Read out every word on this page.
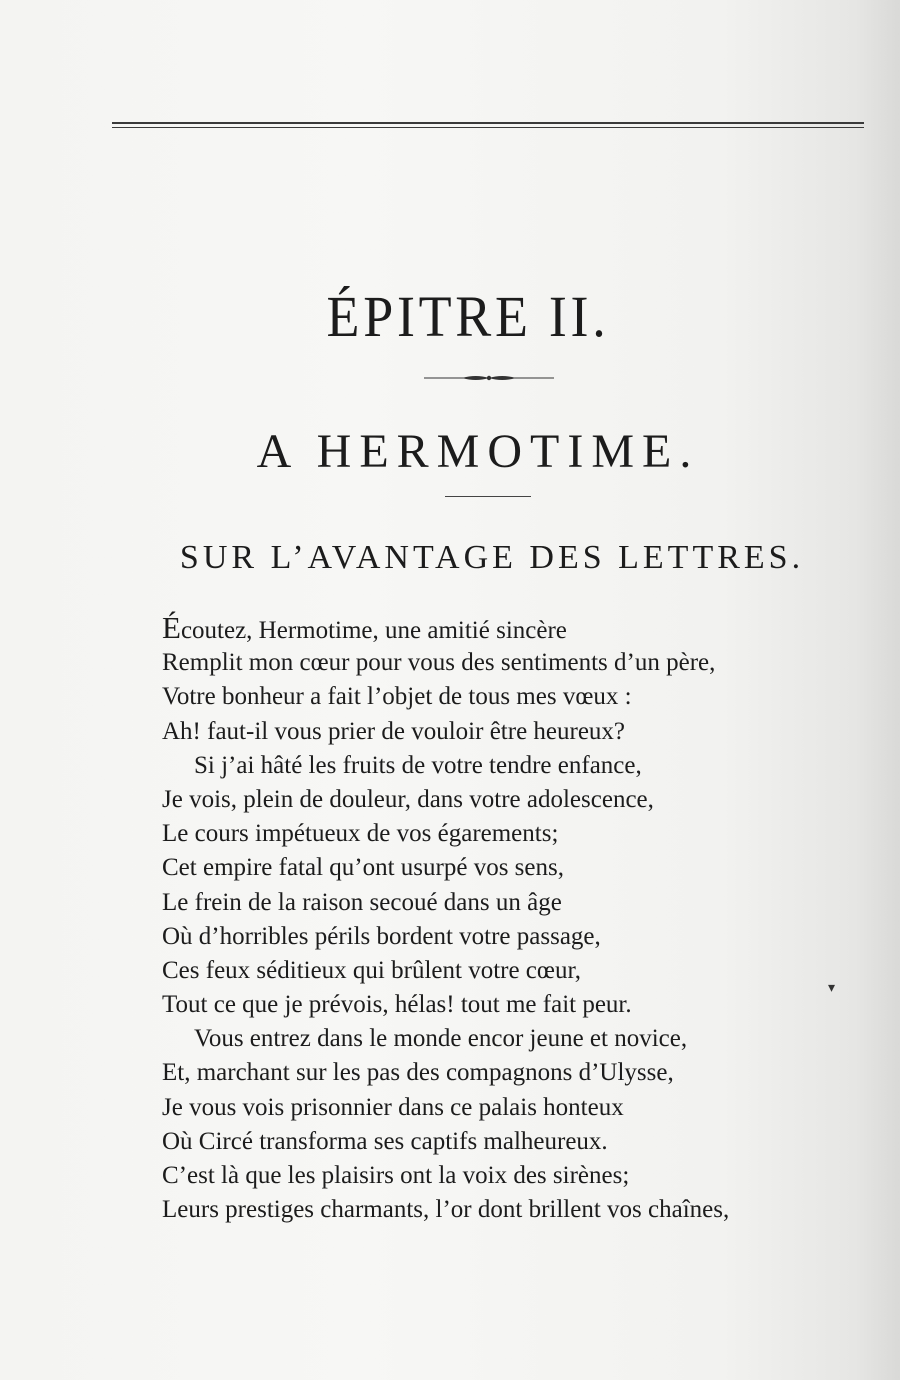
ÉPITRE II.
A HERMOTIME.
SUR L’AVANTAGE DES LETTRES.
Écoutez, Hermotime, une amitié sincère
Remplit mon cœur pour vous des sentiments d’un père,
Votre bonheur a fait l’objet de tous mes vœux :
Ah! faut-il vous prier de vouloir être heureux?
Si j’ai hâté les fruits de votre tendre enfance,
Je vois, plein de douleur, dans votre adolescence,
Le cours impétueux de vos égarements;
Cet empire fatal qu’ont usurpé vos sens,
Le frein de la raison secoué dans un âge
Où d’horribles périls bordent votre passage,
Ces feux séditieux qui brûlent votre cœur,
Tout ce que je prévois, hélas! tout me fait peur.
Vous entrez dans le monde encor jeune et novice,
Et, marchant sur les pas des compagnons d’Ulysse,
Je vous vois prisonnier dans ce palais honteux
Où Circé transforma ses captifs malheureux.
C’est là que les plaisirs ont la voix des sirènes;
Leurs prestiges charmants, l’or dont brillent vos chaînes,
▾
